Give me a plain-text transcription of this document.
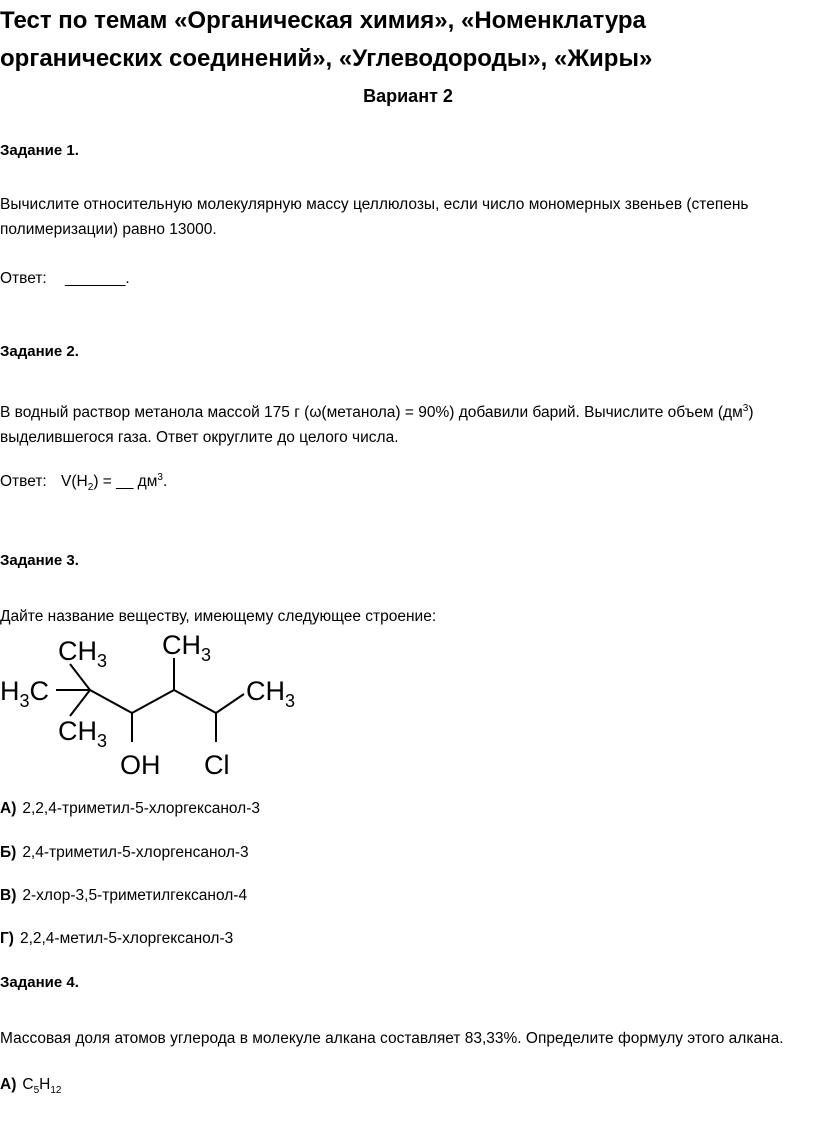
Тест по темам «Органическая химия», «Номенклатура органических соединений», «Углеводороды», «Жиры»
Вариант 2
Задание 1.
Вычислите относительную молекулярную массу целлюлозы, если число мономерных звеньев (степень полимеризации) равно 13000.
Ответ: _______.
Задание 2.
В водный раствор метанола массой 175 г (ω(метанола) = 90%) добавили барий. Вычислите объем $(дм^3)$ выделившегося газа. Ответ округлите до целого числа.
Ответ: $V(H_2)$ = __ $дм^3$.
Задание 3.
Дайте название веществу, имеющему следующее строение:
$CH_3$
$CH_3$
$H_3C$
$CH_3$
$CH_3$
OH Cl
А) 2,2,4-триметил-5-хлоргексанол-3
Б) 2,4-триметил-5-хлоргенсанол-3
В) 2-хлор-3,5-триметилгексанол-4
Г) 2,2,4-метил-5-хлоргексанол-3
Задание 4.
Массовая доля атомов углерода в молекуле алкана составляет 83,33%. Определите формулу этого алкана.
А) $C_5H_{12}$
